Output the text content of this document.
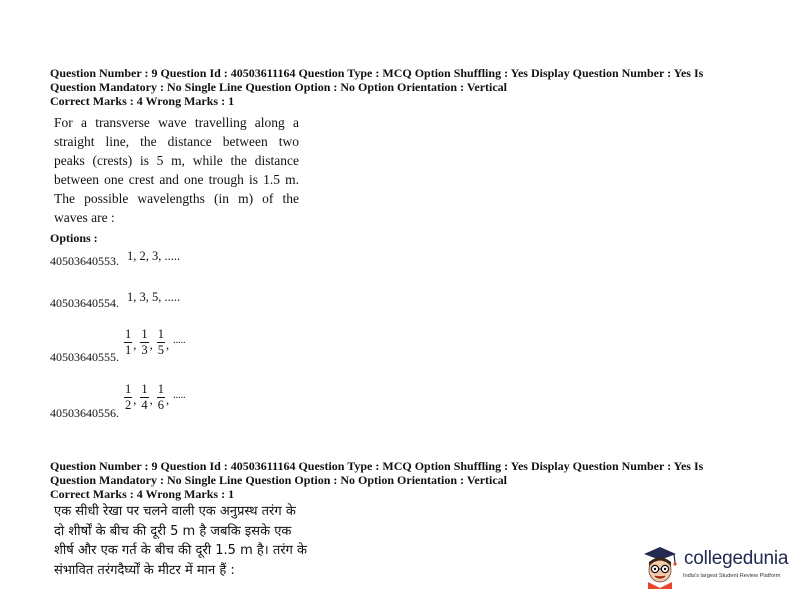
Question Number : 9 Question Id : 40503611164 Question Type : MCQ Option Shuffling : Yes Display Question Number : Yes Is
Question Mandatory : No Single Line Question Option : No Option Orientation : Vertical
Correct Marks : 4 Wrong Marks : 1
For a transverse wave travelling along a
straight line, the distance between two
peaks (crests) is 5 m, while the distance
between one crest and one trough is 1.5 m.
The possible wavelengths (in m) of the
waves are :
Options :
40503640553. 1, 2, 3, .....
40503640554. 1, 3, 5, .....
40503640555. $\frac{1}{1}$ , $\frac{1}{3}$ , $\frac{1}{5}$ , .....
40503640556.
$\frac{1}{2}$ , $\frac{1}{4}$ , $\frac{1}{6}$ , .....
Question Number : 9 Question Id : 40503611164 Question Type : MCQ Option Shuffling : Yes Display Question Number : Yes Is
Question Mandatory : No Single Line Question Option : No Option Orientation : Vertical
Correct Marks : 4 Wrong Marks : 1
एक सीधी रेखा पर चलने वाली एक अनुप्रस्थ तरंग के
दो शीर्षों के बीच की दूरी 5 m है जबकि इसके एक
शीर्ष और एक गर्त के बीच की दूरी 1.5 m है। तरंग के
संभावित तरंगदैर्घ्यों के मीटर में मान हैं :
collegedunia
India's largest Student Review Platform
